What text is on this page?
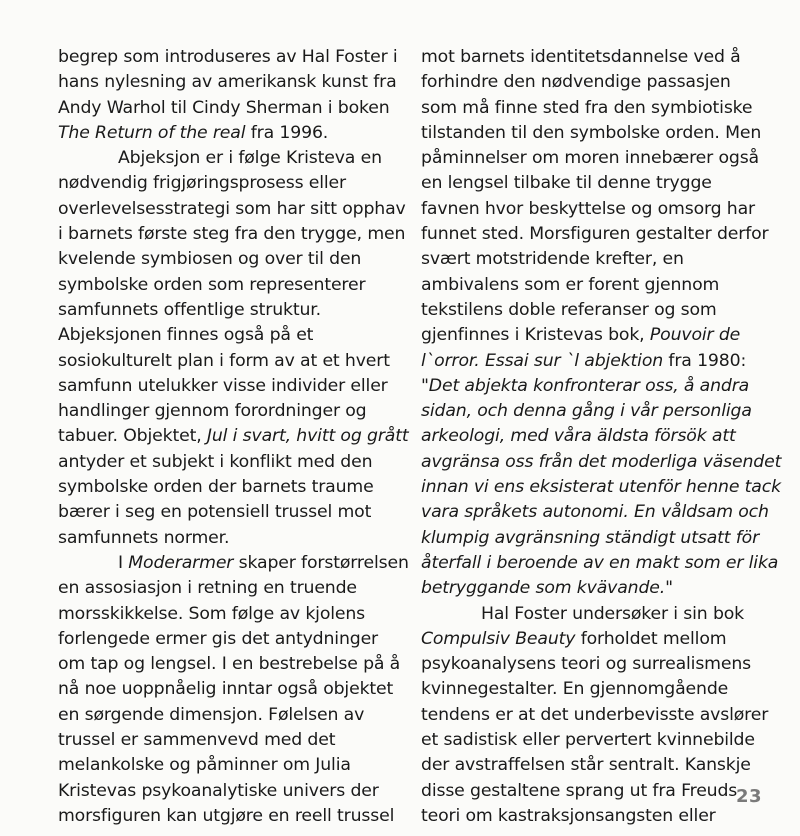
begrep som introduseres av Hal Foster i
hans nylesning av amerikansk kunst fra
Andy Warhol til Cindy Sherman i boken
The Return of the real fra 1996.
Abjeksjon er i følge Kristeva en
nødvendig frigjøringsprosess eller
overlevelsesstrategi som har sitt opphav
i barnets første steg fra den trygge, men
kvelende symbiosen og over til den
symbolske orden som representerer
samfunnets offentlige struktur.
Abjeksjonen finnes også på et
sosiokulturelt plan i form av at et hvert
samfunn utelukker visse individer eller
handlinger gjennom forordninger og
tabuer. Objektet, Jul i svart, hvitt og grått
antyder et subjekt i konflikt med den
symbolske orden der barnets traume
bærer i seg en potensiell trussel mot
samfunnets normer.
I Moderarmer skaper forstørrelsen
en assosiasjon i retning en truende
morsskikkelse. Som følge av kjolens
forlengede ermer gis det antydninger
om tap og lengsel. I en bestrebelse på å
nå noe uoppnåelig inntar også objektet
en sørgende dimensjon. Følelsen av
trussel er sammenvevd med det
melankolske og påminner om Julia
Kristevas psykoanalytiske univers der
morsfiguren kan utgjøre en reell trussel
mot barnets identitetsdannelse ved å
forhindre den nødvendige passasjen
som må finne sted fra den symbiotiske
tilstanden til den symbolske orden. Men
påminnelser om moren innebærer også
en lengsel tilbake til denne trygge
favnen hvor beskyttelse og omsorg har
funnet sted. Morsfiguren gestalter derfor
svært motstridende krefter, en
ambivalens som er forent gjennom
tekstilens doble referanser og som
gjenfinnes i Kristevas bok, Pouvoir de
l`orror. Essai sur `l abjektion fra 1980:
"Det abjekta konfronterar oss, å andra
sidan, och denna gång i vår personliga
arkeologi, med våra äldsta försök att
avgränsa oss från det moderliga väsendet
innan vi ens eksisterat utenför henne tack
vara språkets autonomi. En våldsam och
klumpig avgränsning ständigt utsatt för
återfall i beroende av en makt som er lika
betryggande som kvävande."
Hal Foster undersøker i sin bok
Compulsiv Beauty forholdet mellom
psykoanalysens teori og surrealismens
kvinnegestalter. En gjennomgående
tendens er at det underbevisste avslører
et sadistisk eller pervertert kvinnebilde
der avstraffelsen står sentralt. Kanskje
disse gestaltene sprang ut fra Freuds
teori om kastraksjonsangsten eller
23
